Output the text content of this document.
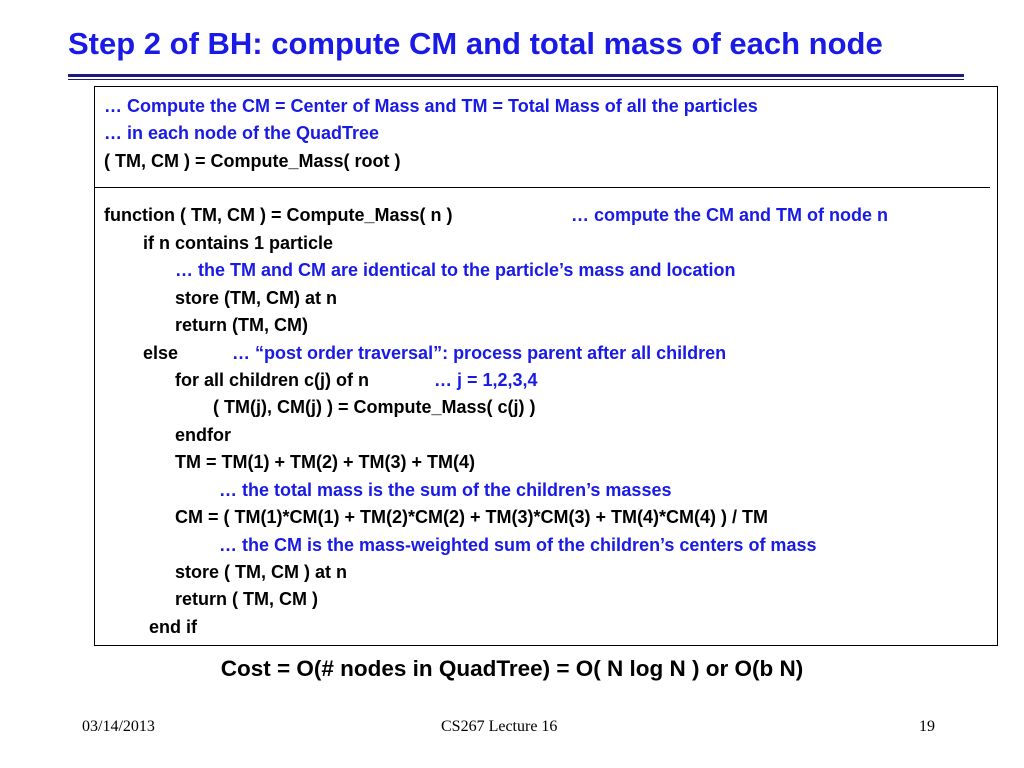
Step 2 of BH: compute CM and total mass of each node
… Compute the CM = Center of Mass and TM = Total Mass of all the particles
… in each node of the QuadTree
( TM, CM ) = Compute_Mass( root )
function ( TM, CM ) = Compute_Mass( n )	… compute the CM and TM of node n
if n contains 1 particle
… the TM and CM are identical to the particle’s mass and location
store (TM, CM) at n
return (TM, CM)
else	… “post order traversal”: process parent after all children
for all children c(j) of n	… j = 1,2,3,4
( TM(j), CM(j) ) = Compute_Mass( c(j) )
endfor
TM = TM(1) + TM(2) + TM(3) + TM(4)
… the total mass is the sum of the children’s masses
CM = ( TM(1)*CM(1) + TM(2)*CM(2) + TM(3)*CM(3) + TM(4)*CM(4) ) / TM
… the CM is the mass-weighted sum of the children’s centers of mass
store ( TM, CM ) at n
return ( TM, CM )
end if
Cost = O(# nodes in QuadTree) = O( N log N ) or O(b N)
03/14/2013	CS267 Lecture 16	19
